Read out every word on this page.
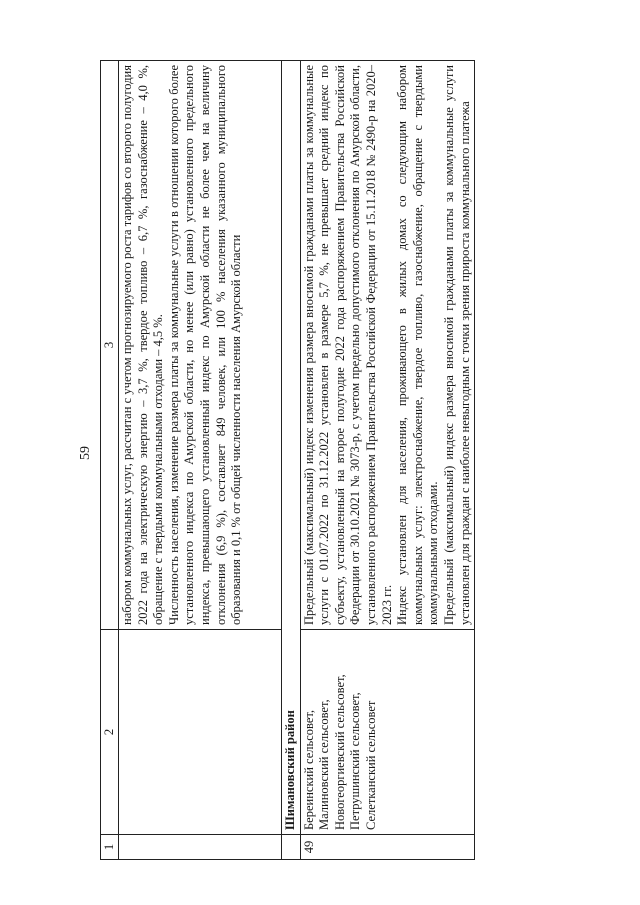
59
1	2	3

		набором коммунальных услуг, рассчитан с учетом прогнозируемого роста тарифов со второго полугодия 2022 года на электрическую энергию – 3,7 %, твердое топливо – 6,7 %, газоснабжение – 4,0 %, обращение с твердыми коммунальными отходами – 4,5 %. Численность населения, изменение размера платы за коммунальные услуги в отношении которого более установленного индекса по Амурской области, но менее (или равно) установленного предельного индекса, превышающего установленный индекс по Амурской области не более чем на величину отклонения (6,9 %), составляет 849 человек, или 100 % населения указанного муниципального образования и 0,1 % от общей численности населения Амурской области

	Шимановский район	
49	Береинский сельсовет, Малиновский сельсовет, Новогеоргиевский сельсовет, Петрушинский сельсовет, Селетканский сельсовет	Предельный (максимальный) индекс изменения размера вносимой гражданами платы за коммунальные услуги с 01.07.2022 по 31.12.2022 установлен в размере 5,7 %, не превышает средний индекс по субъекту, установленный на второе полугодие 2022 года распоряжением Правительства Российской Федерации от 30.10.2021 № 3073-р, с учетом предельно допустимого отклонения по Амурской области, установленного распоряжением Правительства Российской Федерации от 15.11.2018 № 2490-р на 2020–2023 гг. Индекс установлен для населения, проживающего в жилых домах со следующим набором коммунальных услуг: электроснабжение, твердое топливо, газоснабжение, обращение с твердыми коммунальными отходами. Предельный (максимальный) индекс размера вносимой гражданами платы за коммунальные услуги установлен для граждан с наиболее невыгодным с точки зрения прироста коммунального платежа
